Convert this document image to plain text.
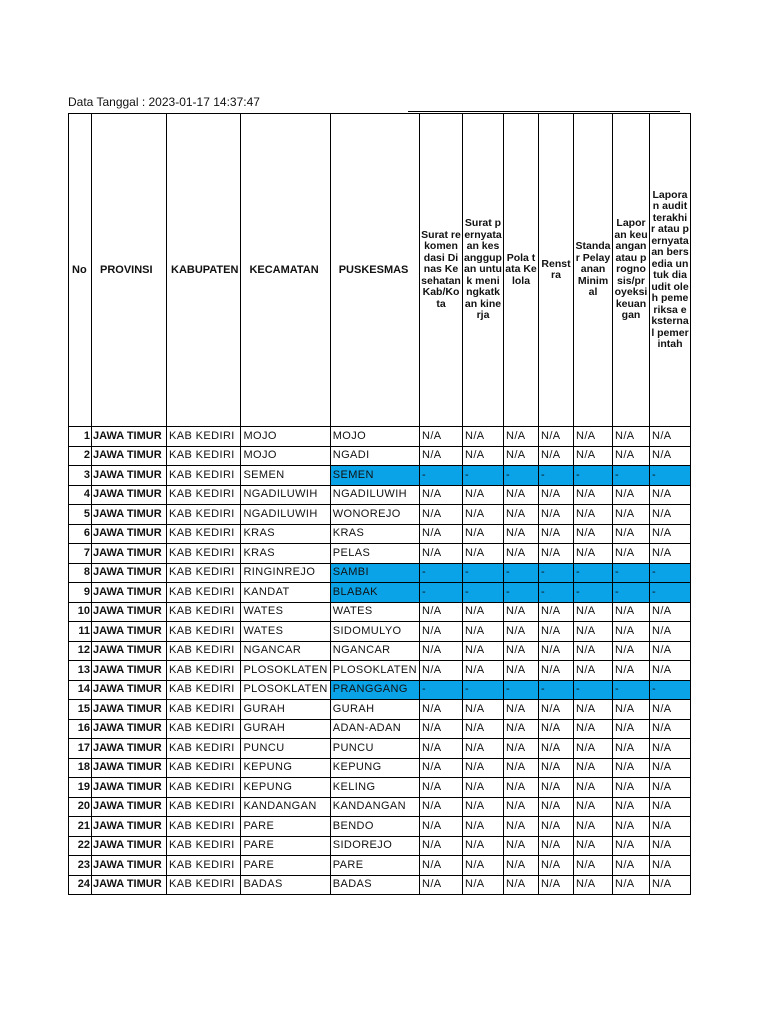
Data Tanggal : 2023-01-17 14:37:47
No	PROVINSI	KABUPATEN	KECAMATAN	PUSKESMAS	Surat rekomendasi Dinas Kesehatan Kab/Kota	Surat pernyataan kesanggupan untuk meningkatkan kinerja	Pola tata Kelola	Renstra	Standar Pelayanan Minimal	Laporan keuangan atau prognosis/proyeksi keuangan	Laporan audit terakhir atau pernyataan bersedia untuk diaudit oleh pemeriksa eksternal pemerintah
1	JAWA TIMUR	KAB KEDIRI	MOJO	MOJO	N/A	N/A	N/A	N/A	N/A	N/A	N/A
2	JAWA TIMUR	KAB KEDIRI	MOJO	NGADI	N/A	N/A	N/A	N/A	N/A	N/A	N/A
3	JAWA TIMUR	KAB KEDIRI	SEMEN	SEMEN	-	-	-	-	-	-	-
4	JAWA TIMUR	KAB KEDIRI	NGADILUWIH	NGADILUWIH	N/A	N/A	N/A	N/A	N/A	N/A	N/A
5	JAWA TIMUR	KAB KEDIRI	NGADILUWIH	WONOREJO	N/A	N/A	N/A	N/A	N/A	N/A	N/A
6	JAWA TIMUR	KAB KEDIRI	KRAS	KRAS	N/A	N/A	N/A	N/A	N/A	N/A	N/A
7	JAWA TIMUR	KAB KEDIRI	KRAS	PELAS	N/A	N/A	N/A	N/A	N/A	N/A	N/A
8	JAWA TIMUR	KAB KEDIRI	RINGINREJO	SAMBI	-	-	-	-	-	-	-
9	JAWA TIMUR	KAB KEDIRI	KANDAT	BLABAK	-	-	-	-	-	-	-
10	JAWA TIMUR	KAB KEDIRI	WATES	WATES	N/A	N/A	N/A	N/A	N/A	N/A	N/A
11	JAWA TIMUR	KAB KEDIRI	WATES	SIDOMULYO	N/A	N/A	N/A	N/A	N/A	N/A	N/A
12	JAWA TIMUR	KAB KEDIRI	NGANCAR	NGANCAR	N/A	N/A	N/A	N/A	N/A	N/A	N/A
13	JAWA TIMUR	KAB KEDIRI	PLOSOKLATEN	PLOSOKLATEN	N/A	N/A	N/A	N/A	N/A	N/A	N/A
14	JAWA TIMUR	KAB KEDIRI	PLOSOKLATEN	PRANGGANG	-	-	-	-	-	-	-
15	JAWA TIMUR	KAB KEDIRI	GURAH	GURAH	N/A	N/A	N/A	N/A	N/A	N/A	N/A
16	JAWA TIMUR	KAB KEDIRI	GURAH	ADAN-ADAN	N/A	N/A	N/A	N/A	N/A	N/A	N/A
17	JAWA TIMUR	KAB KEDIRI	PUNCU	PUNCU	N/A	N/A	N/A	N/A	N/A	N/A	N/A
18	JAWA TIMUR	KAB KEDIRI	KEPUNG	KEPUNG	N/A	N/A	N/A	N/A	N/A	N/A	N/A
19	JAWA TIMUR	KAB KEDIRI	KEPUNG	KELING	N/A	N/A	N/A	N/A	N/A	N/A	N/A
20	JAWA TIMUR	KAB KEDIRI	KANDANGAN	KANDANGAN	N/A	N/A	N/A	N/A	N/A	N/A	N/A
21	JAWA TIMUR	KAB KEDIRI	PARE	BENDO	N/A	N/A	N/A	N/A	N/A	N/A	N/A
22	JAWA TIMUR	KAB KEDIRI	PARE	SIDOREJO	N/A	N/A	N/A	N/A	N/A	N/A	N/A
23	JAWA TIMUR	KAB KEDIRI	PARE	PARE	N/A	N/A	N/A	N/A	N/A	N/A	N/A
24	JAWA TIMUR	KAB KEDIRI	BADAS	BADAS	N/A	N/A	N/A	N/A	N/A	N/A	N/A
